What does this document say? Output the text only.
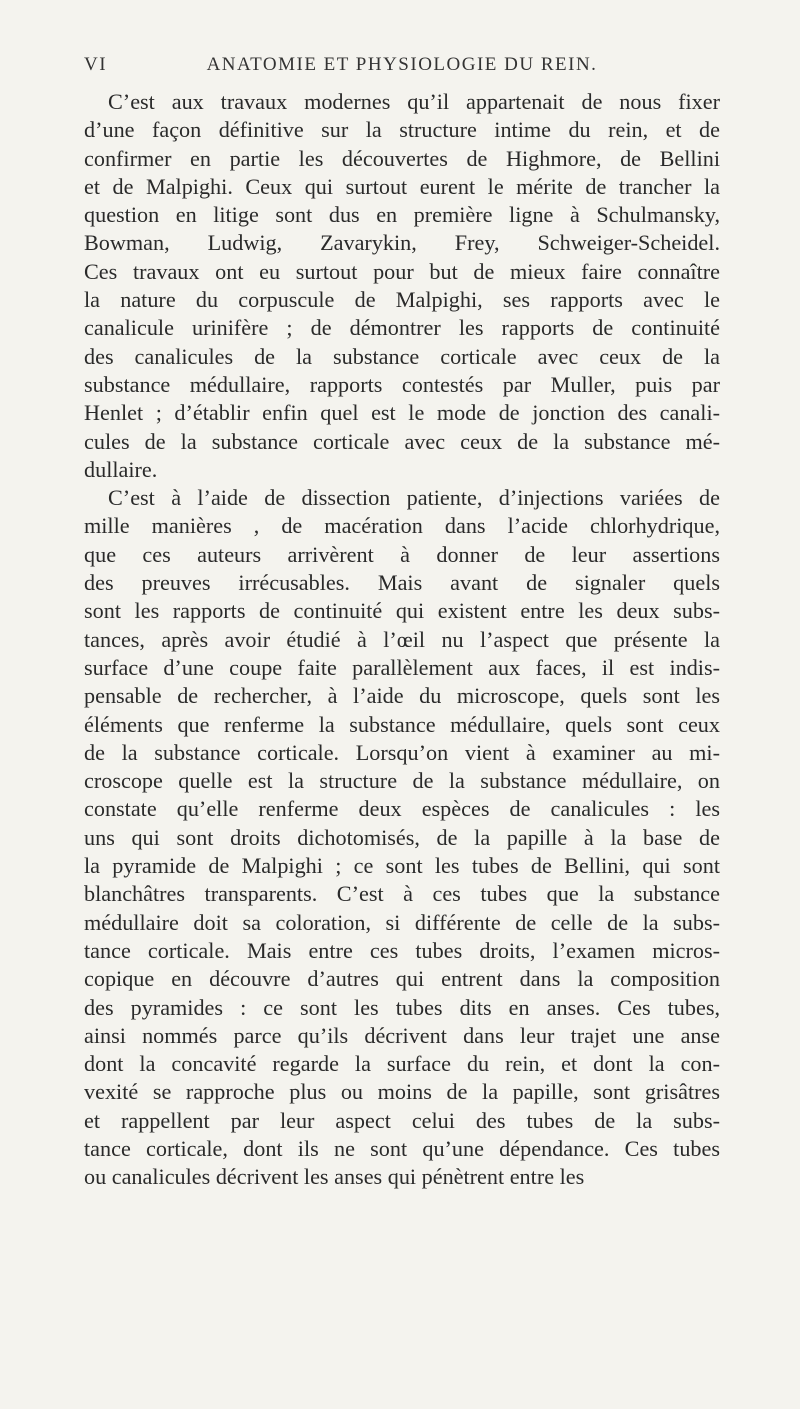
VI	ANATOMIE ET PHYSIOLOGIE DU REIN.

C’est aux travaux modernes qu’il appartenait de nous fixer
d’une façon définitive sur la structure intime du rein, et de
confirmer en partie les découvertes de Highmore, de Bellini
et de Malpighi. Ceux qui surtout eurent le mérite de trancher la
question en litige sont dus en première ligne à Schulmansky,
Bowman, Ludwig, Zavarykin, Frey, Schweiger-Scheidel.
Ces travaux ont eu surtout pour but de mieux faire connaître
la nature du corpuscule de Malpighi, ses rapports avec le
canalicule urinifère ; de démontrer les rapports de continuité
des canalicules de la substance corticale avec ceux de la
substance médullaire, rapports contestés par Muller, puis par
Henlet ; d’établir enfin quel est le mode de jonction des canali-
cules de la substance corticale avec ceux de la substance mé-
dullaire.

C’est à l’aide de dissection patiente, d’injections variées de
mille manières , de macération dans l’acide chlorhydrique,
que ces auteurs arrivèrent à donner de leur assertions
des preuves irrécusables. Mais avant de signaler quels
sont les rapports de continuité qui existent entre les deux subs-
tances, après avoir étudié à l’œil nu l’aspect que présente la
surface d’une coupe faite parallèlement aux faces, il est indis-
pensable de rechercher, à l’aide du microscope, quels sont les
éléments que renferme la substance médullaire, quels sont ceux
de la substance corticale. Lorsqu’on vient à examiner au mi-
croscope quelle est la structure de la substance médullaire, on
constate qu’elle renferme deux espèces de canalicules : les
uns qui sont droits dichotomisés, de la papille à la base de
la pyramide de Malpighi ; ce sont les tubes de Bellini, qui sont
blanchâtres transparents. C’est à ces tubes que la substance
médullaire doit sa coloration, si différente de celle de la subs-
tance corticale. Mais entre ces tubes droits, l’examen micros-
copique en découvre d’autres qui entrent dans la composition
des pyramides : ce sont les tubes dits en anses. Ces tubes,
ainsi nommés parce qu’ils décrivent dans leur trajet une anse
dont la concavité regarde la surface du rein, et dont la con-
vexité se rapproche plus ou moins de la papille, sont grisâtres
et rappellent par leur aspect celui des tubes de la subs-
tance corticale, dont ils ne sont qu’une dépendance. Ces tubes
ou canalicules décrivent les anses qui pénètrent entre les
